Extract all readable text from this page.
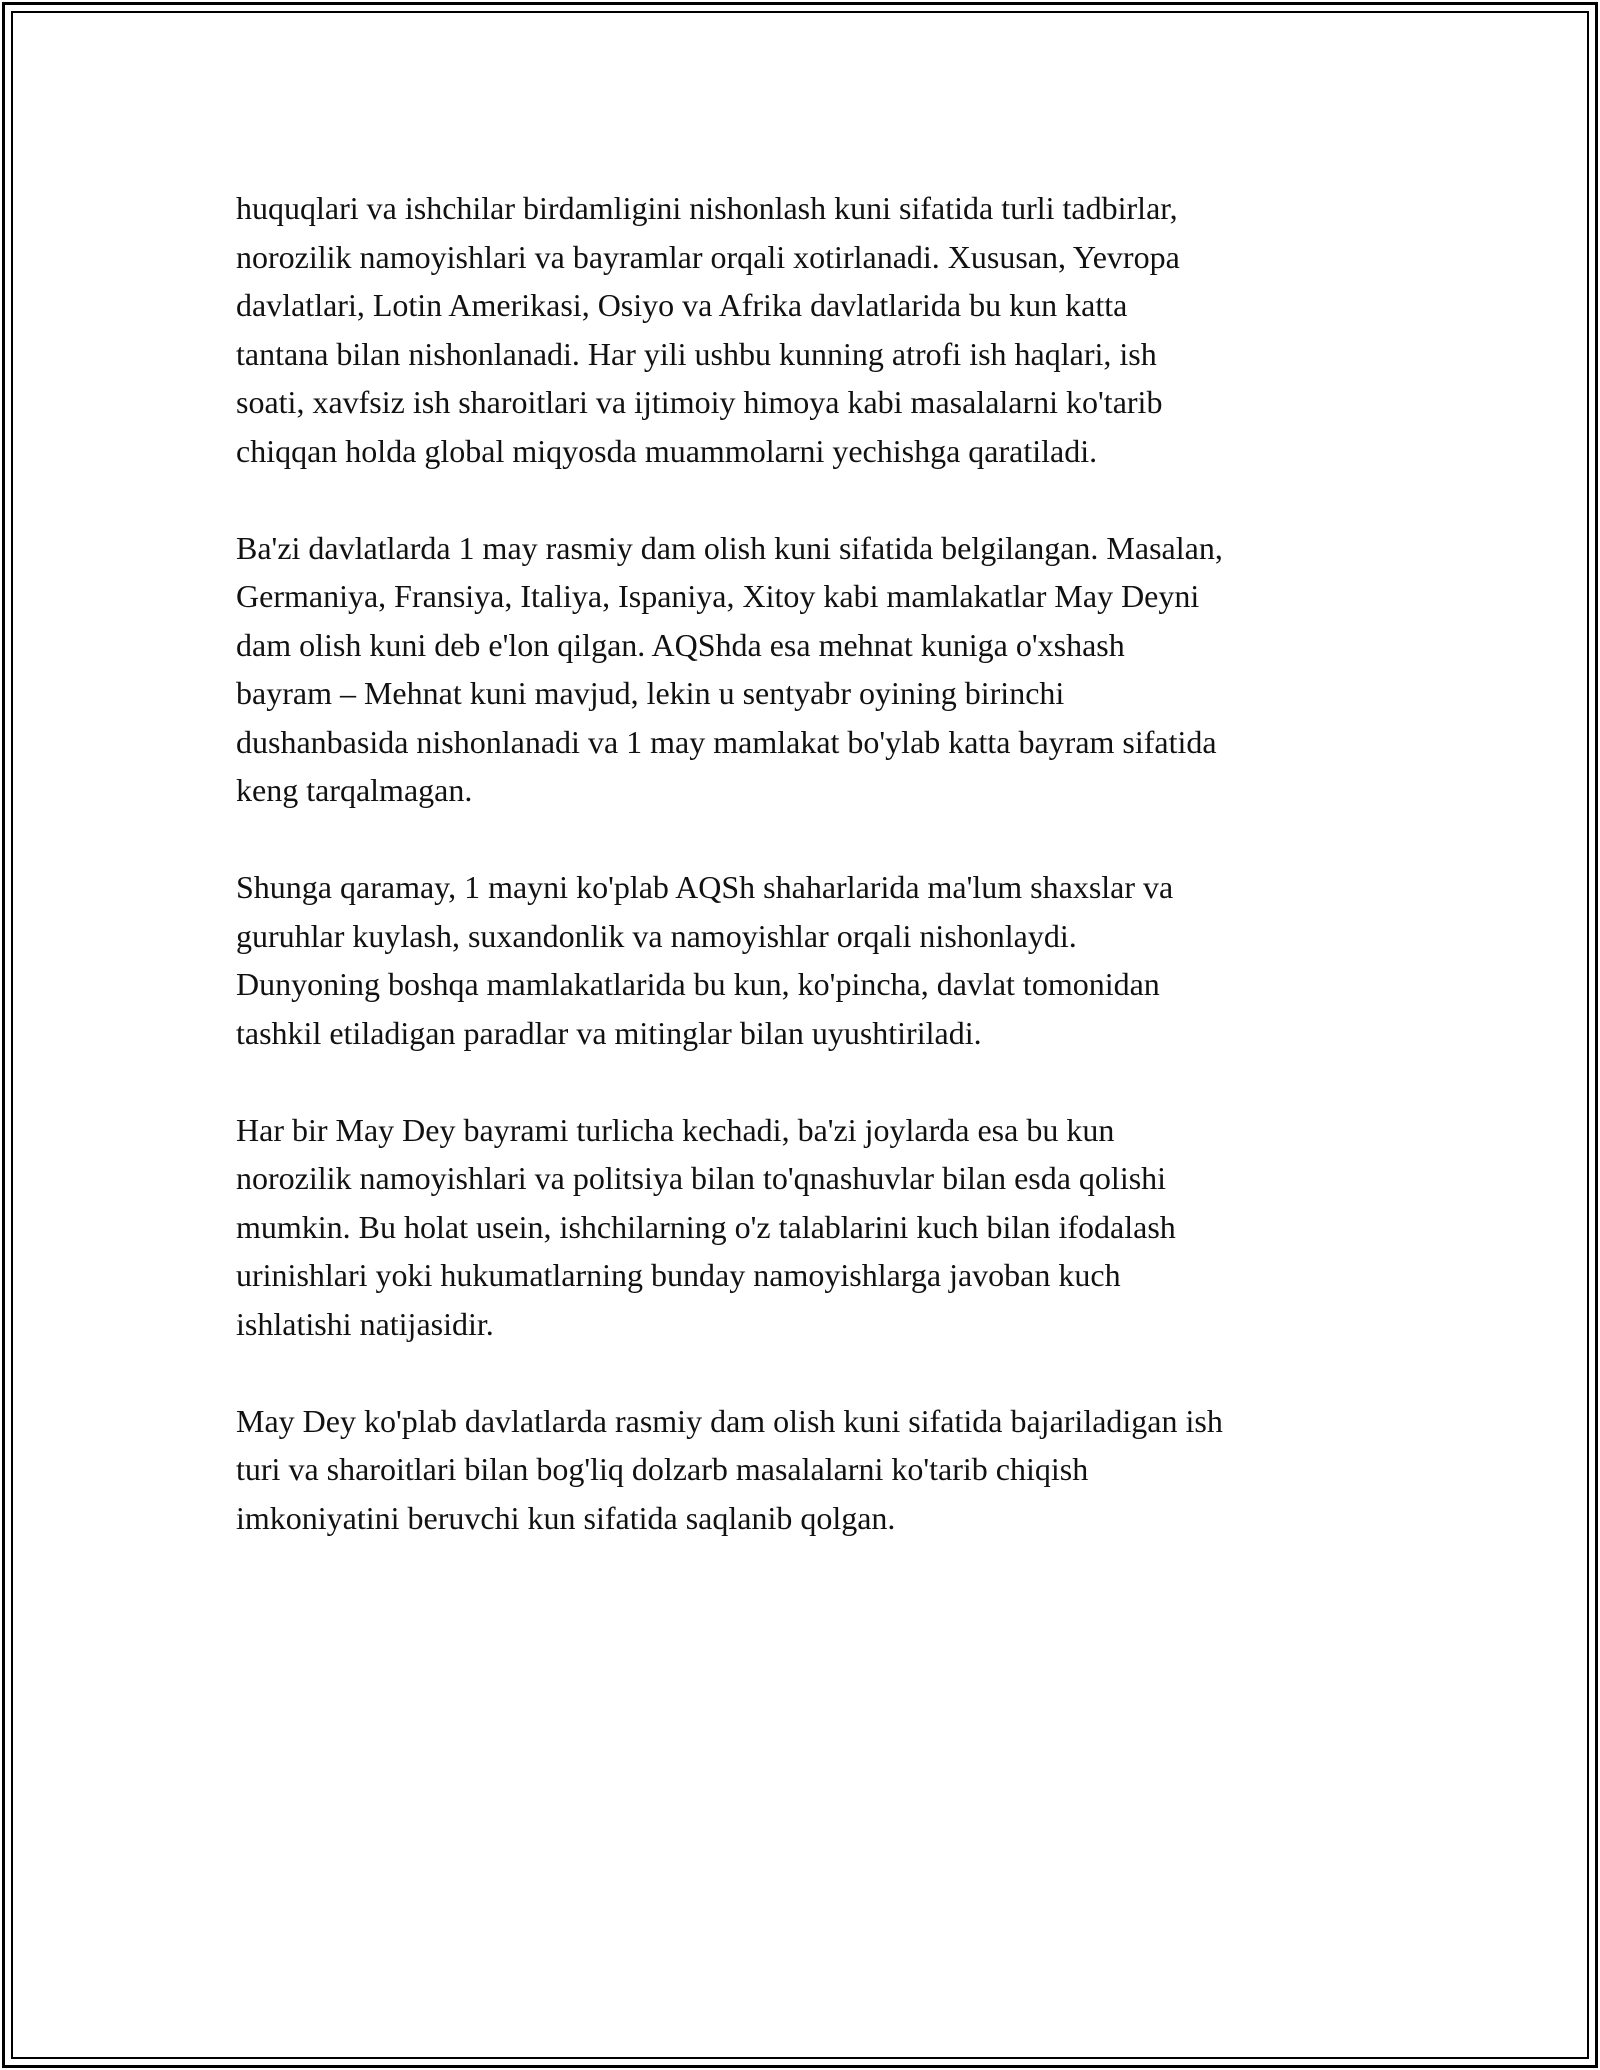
huquqlari va ishchilar birdamligini nishonlash kuni sifatida turli tadbirlar,
norozilik namoyishlari va bayramlar orqali xotirlanadi. Xususan, Yevropa
davlatlari, Lotin Amerikasi, Osiyo va Afrika davlatlarida bu kun katta
tantana bilan nishonlanadi. Har yili ushbu kunning atrofi ish haqlari, ish
soati, xavfsiz ish sharoitlari va ijtimoiy himoya kabi masalalarni ko'tarib
chiqqan holda global miqyosda muammolarni yechishga qaratiladi.

Ba'zi davlatlarda 1 may rasmiy dam olish kuni sifatida belgilangan. Masalan,
Germaniya, Fransiya, Italiya, Ispaniya, Xitoy kabi mamlakatlar May Deyni
dam olish kuni deb e'lon qilgan. AQShda esa mehnat kuniga o'xshash
bayram – Mehnat kuni mavjud, lekin u sentyabr oyining birinchi
dushanbasida nishonlanadi va 1 may mamlakat bo'ylab katta bayram sifatida
keng tarqalmagan.

Shunga qaramay, 1 mayni ko'plab AQSh shaharlarida ma'lum shaxslar va
guruhlar kuylash, suxandonlik va namoyishlar orqali nishonlaydi.
Dunyoning boshqa mamlakatlarida bu kun, ko'pincha, davlat tomonidan
tashkil etiladigan paradlar va mitinglar bilan uyushtiriladi.

Har bir May Dey bayrami turlicha kechadi, ba'zi joylarda esa bu kun
norozilik namoyishlari va politsiya bilan to'qnashuvlar bilan esda qolishi
mumkin. Bu holat usein, ishchilarning o'z talablarini kuch bilan ifodalash
urinishlari yoki hukumatlarning bunday namoyishlarga javoban kuch
ishlatishi natijasidir.

May Dey ko'plab davlatlarda rasmiy dam olish kuni sifatida bajariladigan ish
turi va sharoitlari bilan bog'liq dolzarb masalalarni ko'tarib chiqish
imkoniyatini beruvchi kun sifatida saqlanib qolgan.
